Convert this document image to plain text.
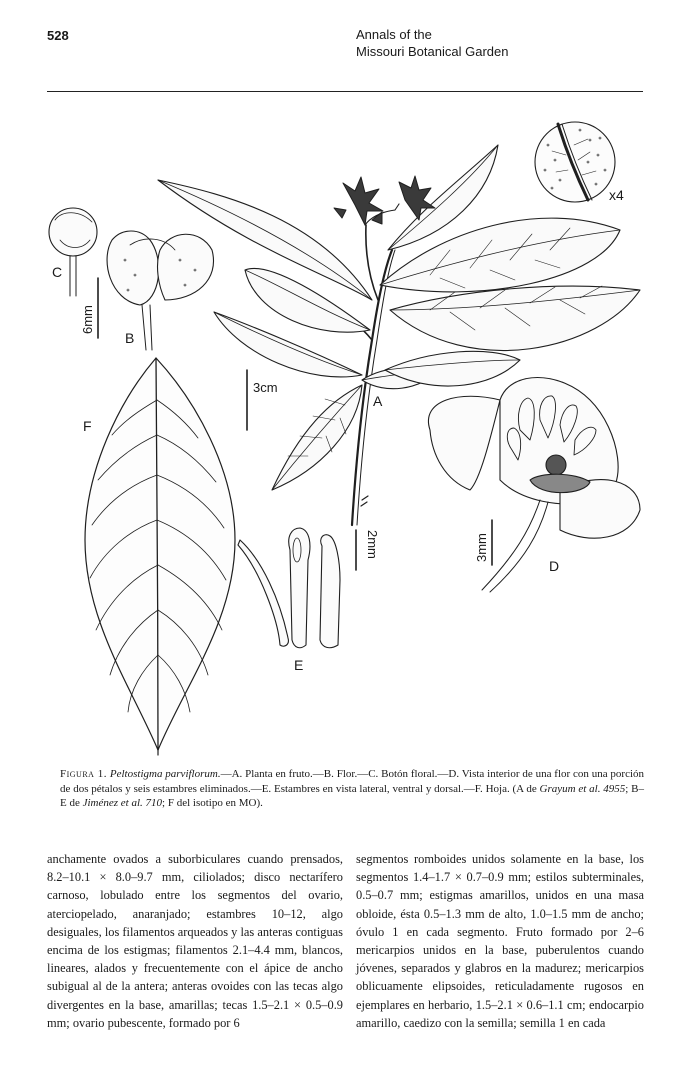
528	Annals of the
Missouri Botanical Garden
3cm
6mm
3mm
2mm
A
B
C
D
E
F
x4
Figura 1. Peltostigma parviflorum.—A. Planta en fruto.—B. Flor.—C. Botón floral.—D. Vista interior de una flor con una porción de dos pétalos y seis estambres eliminados.—E. Estambres en vista lateral, ventral y dorsal.—F. Hoja. (A de Grayum et al. 4955; B–E de Jiménez et al. 710; F del isotipo en MO).
anchamente ovados a suborbiculares cuando prensados, 8.2–10.1 × 8.0–9.7 mm, ciliolados; disco nectarífero carnoso, lobulado entre los segmentos del ovario, aterciopelado, anaranjado; estambres 10–12, algo desiguales, los filamentos arqueados y las anteras contiguas encima de los estigmas; filamentos 2.1–4.4 mm, blancos, lineares, alados y frecuentemente con el ápice de ancho subigual al de la antera; anteras ovoides con las tecas algo divergentes en la base, amarillas; tecas 1.5–2.1 × 0.5–0.9 mm; ovario pubescente, formado por 6
segmentos romboides unidos solamente en la base, los segmentos 1.4–1.7 × 0.7–0.9 mm; estilos subterminales, 0.5–0.7 mm; estigmas amarillos, unidos en una masa obloide, ésta 0.5–1.3 mm de alto, 1.0–1.5 mm de ancho; óvulo 1 en cada segmento. Fruto formado por 2–6 mericarpios unidos en la base, puberulentos cuando jóvenes, separados y glabros en la madurez; mericarpios oblicuamente elipsoides, reticuladamente rugosos en ejemplares en herbario, 1.5–2.1 × 0.6–1.1 cm; endocarpio amarillo, caedizo con la semilla; semilla 1 en cada
